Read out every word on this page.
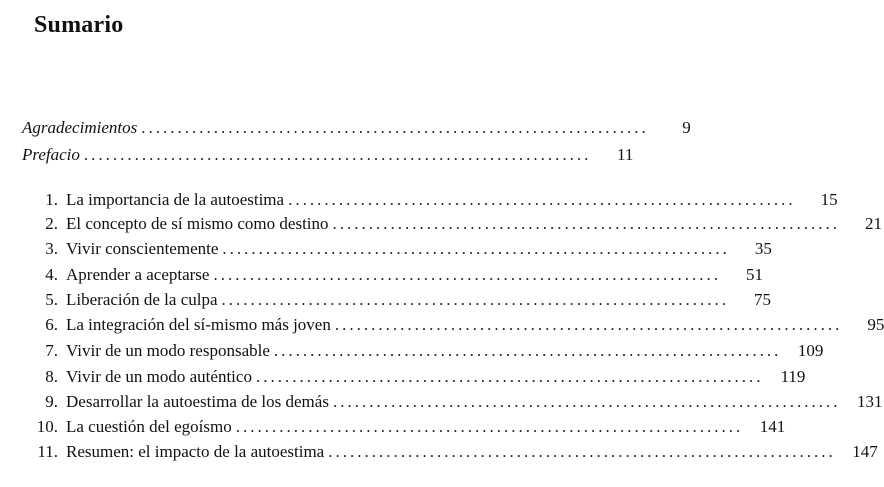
Sumario
Agradecimientos ......................................................................	9
Prefacio ......................................................................	11
1. La importancia de la autoestima ......................................................................	15
2. El concepto de sí mismo como destino ......................................................................	21
3. Vivir conscientemente ......................................................................	35
4. Aprender a aceptarse ......................................................................	51
5. Liberación de la culpa ......................................................................	75
6. La integración del sí-mismo más joven ......................................................................	95
7. Vivir de un modo responsable ...................................................................... 109
8. Vivir de un modo auténtico ......................................................................	119
9. Desarrollar la autoestima de los demás ...................................................................... 131
10. La cuestión del egoísmo ...................................................................... 141
11. Resumen: el impacto de la autoestima ...................................................................... 147
